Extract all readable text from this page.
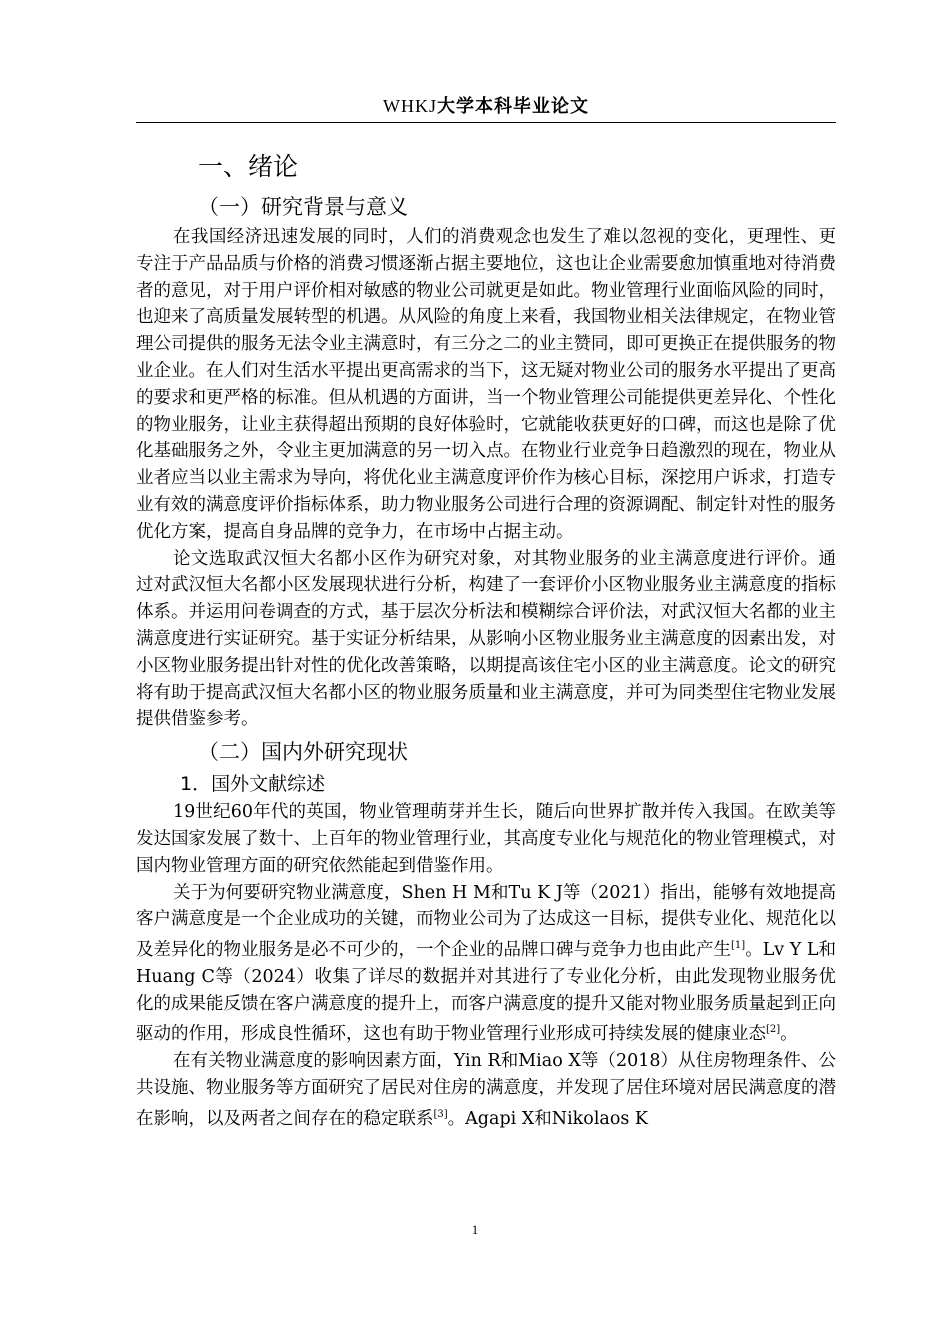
WHKJ大学本科毕业论文
一、绪论
（一）研究背景与意义

在我国经济迅速发展的同时，人们的消费观念也发生了难以忽视的变化，更理性、更专注于产品品质与价格的消费习惯逐渐占据主要地位，这也让企业需要愈加慎重地对待消费者的意见，对于用户评价相对敏感的物业公司就更是如此。物业管理行业面临风险的同时，也迎来了高质量发展转型的机遇。从风险的角度上来看，我国物业相关法律规定，在物业管理公司提供的服务无法令业主满意时，有三分之二的业主赞同，即可更换正在提供服务的物业企业。在人们对生活水平提出更高需求的当下，这无疑对物业公司的服务水平提出了更高的要求和更严格的标准。但从机遇的方面讲，当一个物业管理公司能提供更差异化、个性化的物业服务，让业主获得超出预期的良好体验时，它就能收获更好的口碑，而这也是除了优化基础服务之外，令业主更加满意的另一切入点。在物业行业竞争日趋激烈的现在，物业从业者应当以业主需求为导向，将优化业主满意度评价作为核心目标，深挖用户诉求，打造专业有效的满意度评价指标体系，助力物业服务公司进行合理的资源调配、制定针对性的服务优化方案，提高自身品牌的竞争力，在市场中占据主动。

论文选取武汉恒大名都小区作为研究对象，对其物业服务的业主满意度进行评价。通过对武汉恒大名都小区发展现状进行分析，构建了一套评价小区物业服务业主满意度的指标体系。并运用问卷调查的方式，基于层次分析法和模糊综合评价法，对武汉恒大名都的业主满意度进行实证研究。基于实证分析结果，从影响小区物业服务业主满意度的因素出发，对小区物业服务提出针对性的优化改善策略，以期提高该住宅小区的业主满意度。论文的研究将有助于提高武汉恒大名都小区的物业服务质量和业主满意度，并可为同类型住宅物业发展提供借鉴参考。

（二）国内外研究现状
1．国外文献综述

19世纪60年代的英国，物业管理萌芽并生长，随后向世界扩散并传入我国。在欧美等发达国家发展了数十、上百年的物业管理行业，其高度专业化与规范化的物业管理模式，对国内物业管理方面的研究依然能起到借鉴作用。

关于为何要研究物业满意度，Shen H M和Tu K J等（2021）指出，能够有效地提高客户满意度是一个企业成功的关键，而物业公司为了达成这一目标，提供专业化、规范化以及差异化的物业服务是必不可少的，一个企业的品牌口碑与竞争力也由此产生[1]。Lv Y L和Huang C等（2024）收集了详尽的数据并对其进行了专业化分析，由此发现物业服务优化的成果能反馈在客户满意度的提升上，而客户满意度的提升又能对物业服务质量起到正向驱动的作用，形成良性循环，这也有助于物业管理行业形成可持续发展的健康业态[2]。

在有关物业满意度的影响因素方面，Yin R和Miao X等（2018）从住房物理条件、公共设施、物业服务等方面研究了居民对住房的满意度，并发现了居住环境对居民满意度的潜在影响，以及两者之间存在的稳定联系[3]。Agapi X和Nikolaos K

1
